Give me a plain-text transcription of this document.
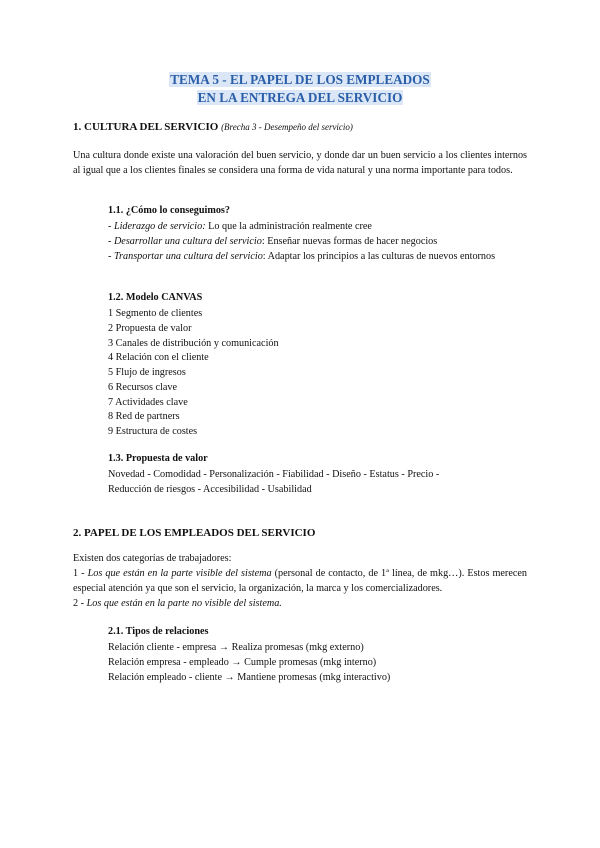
TEMA 5 - EL PAPEL DE LOS EMPLEADOS
EN LA ENTREGA DEL SERVICIO
1. CULTURA DEL SERVICIO (Brecha 3 - Desempeño del servicio)
Una cultura donde existe una valoración del buen servicio, y donde dar un buen servicio a los clientes internos al igual que a los clientes finales se considera una forma de vida natural y una norma importante para todos.
1.1. ¿Cómo lo conseguimos?
- Liderazgo de servicio: Lo que la administración realmente cree
- Desarrollar una cultura del servicio: Enseñar nuevas formas de hacer negocios
- Transportar una cultura del servicio: Adaptar los principios a las culturas de nuevos entornos
1.2. Modelo CANVAS
1 Segmento de clientes
2 Propuesta de valor
3 Canales de distribución y comunicación
4 Relación con el cliente
5 Flujo de ingresos
6 Recursos clave
7 Actividades clave
8 Red de partners
9 Estructura de costes
1.3. Propuesta de valor
Novedad - Comodidad - Personalización - Fiabilidad - Diseño - Estatus - Precio -
Reducción de riesgos - Accesibilidad - Usabilidad
2. PAPEL DE LOS EMPLEADOS DEL SERVICIO
Existen dos categorías de trabajadores:
1 - Los que están en la parte visible del sistema (personal de contacto, de 1ª línea, de mkg…). Estos merecen especial atención ya que son el servicio, la organización, la marca y los comercializadores.
2 - Los que están en la parte no visible del sistema.
2.1. Tipos de relaciones
Relación cliente - empresa → Realiza promesas (mkg externo)
Relación empresa - empleado → Cumple promesas (mkg interno)
Relación empleado - cliente → Mantiene promesas (mkg interactivo)
